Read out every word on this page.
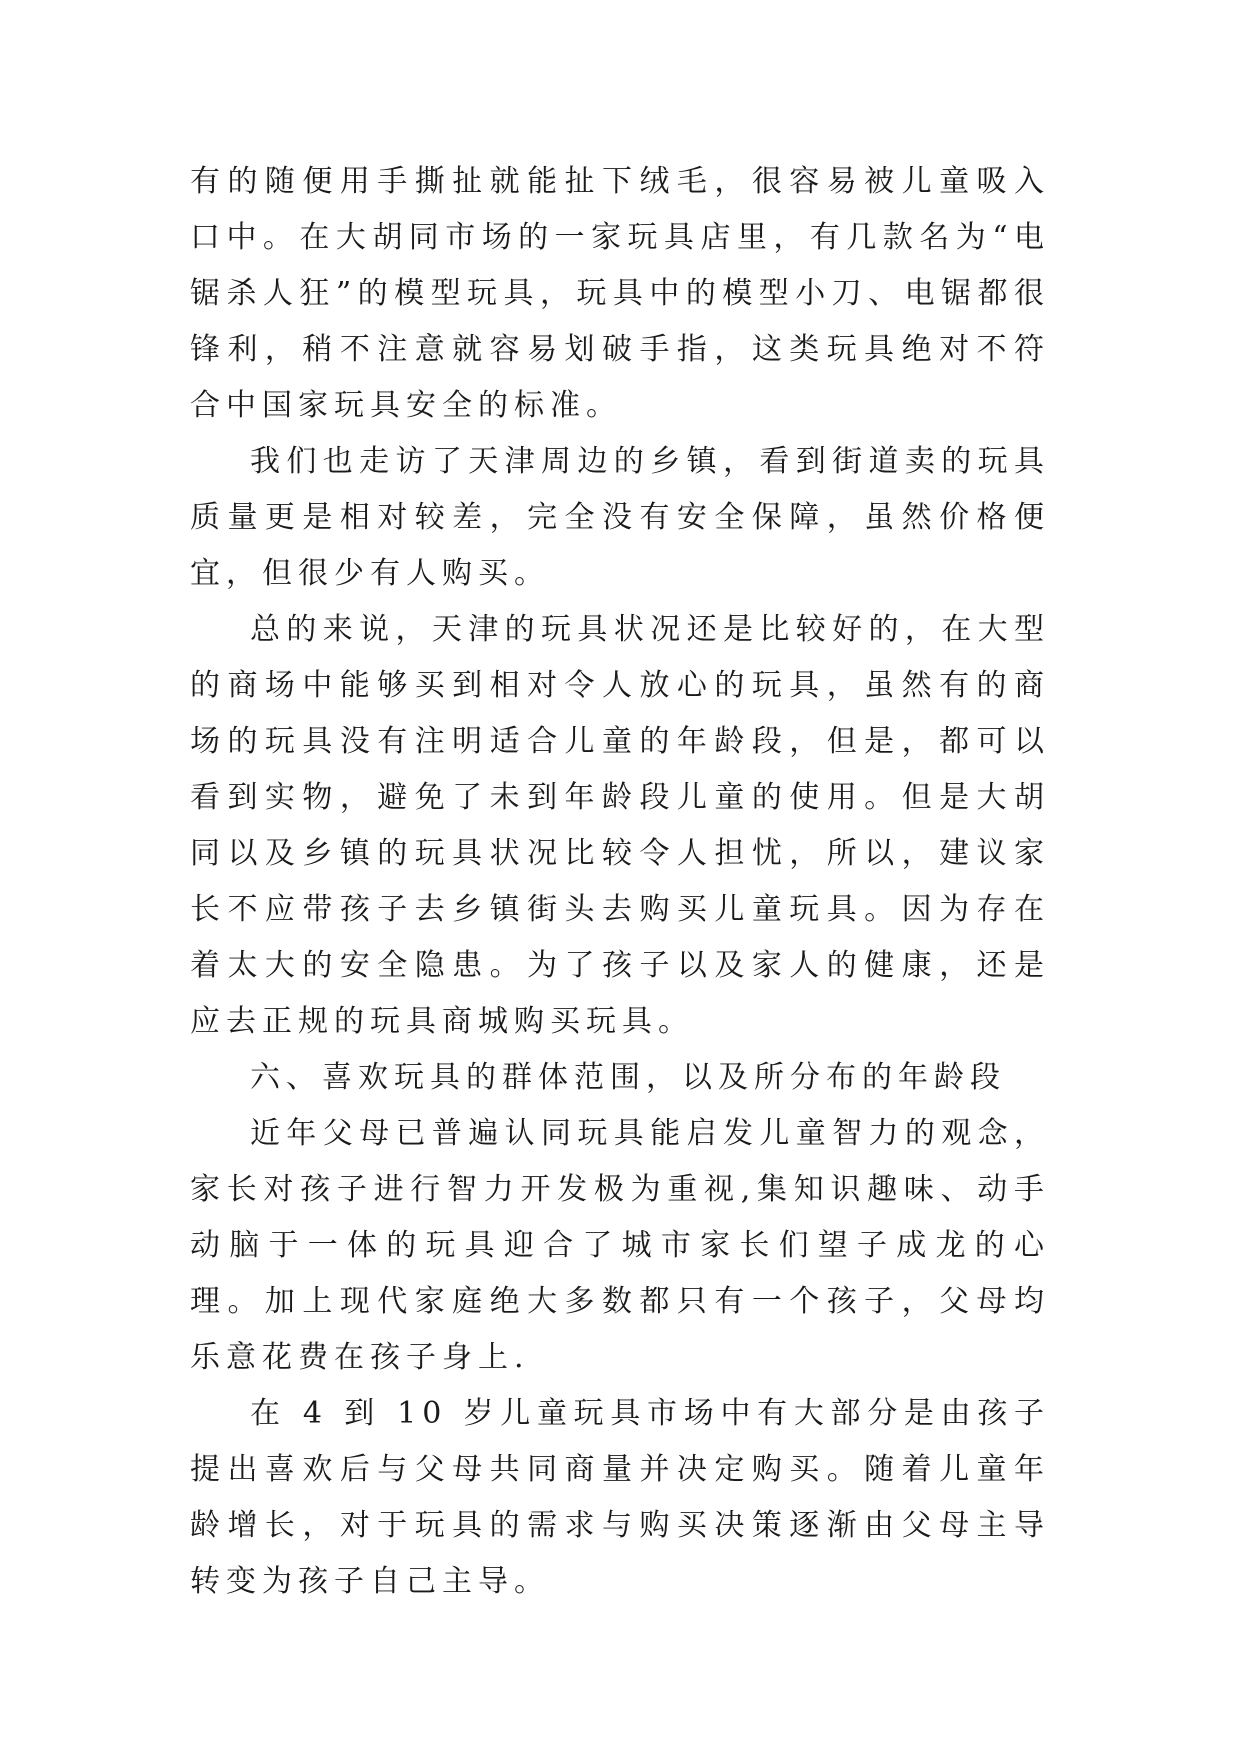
有的随便用手撕扯就能扯下绒毛，很容易被儿童吸入口中。在大胡同市场的一家玩具店里，有几款名为“电锯杀人狂”的模型玩具，玩具中的模型小刀、电锯都很锋利，稍不注意就容易划破手指，这类玩具绝对不符合中国家玩具安全的标准。

我们也走访了天津周边的乡镇，看到街道卖的玩具质量更是相对较差，完全没有安全保障，虽然价格便宜，但很少有人购买。

总的来说，天津的玩具状况还是比较好的，在大型的商场中能够买到相对令人放心的玩具，虽然有的商场的玩具没有注明适合儿童的年龄段，但是，都可以看到实物，避免了未到年龄段儿童的使用。但是大胡同以及乡镇的玩具状况比较令人担忧，所以，建议家长不应带孩子去乡镇街头去购买儿童玩具。因为存在着太大的安全隐患。为了孩子以及家人的健康，还是应去正规的玩具商城购买玩具。

六、喜欢玩具的群体范围，以及所分布的年龄段

近年父母已普遍认同玩具能启发儿童智力的观念，家长对孩子进行智力开发极为重视,集知识趣味、动手动脑于一体的玩具迎合了城市家长们望子成龙的心理。加上现代家庭绝大多数都只有一个孩子，父母均乐意花费在孩子身上.

在 4 到 10 岁儿童玩具市场中有大部分是由孩子提出喜欢后与父母共同商量并决定购买。随着儿童年龄增长，对于玩具的需求与购买决策逐渐由父母主导转变为孩子自己主导。
